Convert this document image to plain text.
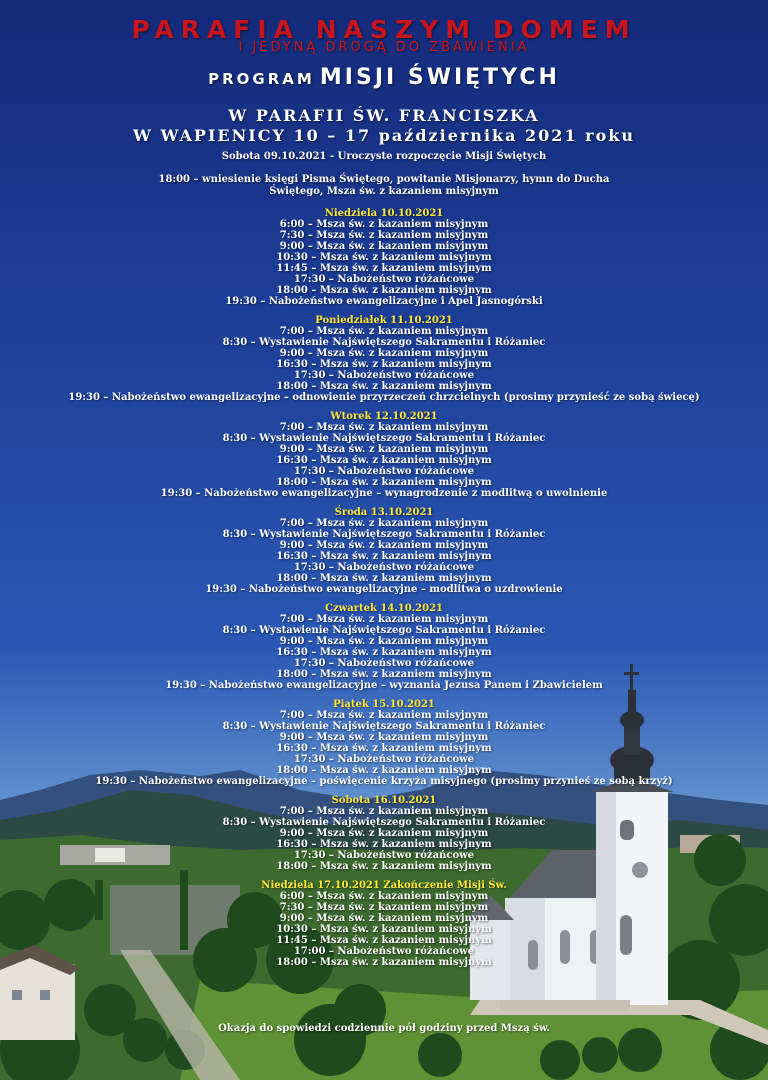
PARAFIA NASZYM DOMEM
I JEDYNĄ DROGĄ DO ZBAWIENIA
PROGRAM MISJI ŚWIĘTYCH
W PARAFII ŚW. FRANCISZKA
W WAPIENICY 10 – 17 października 2021 roku
Sobota 09.10.2021 - Uroczyste rozpoczęcie Misji Świętych
18:00 – wniesienie księgi Pisma Świętego, powitanie Misjonarzy, hymn do Ducha Świętego, Msza św. z kazaniem misyjnym
Niedziela 10.10.2021
6:00 – Msza św. z kazaniem misyjnym
7:30 – Msza św. z kazaniem misyjnym
9:00 – Msza św. z kazaniem misyjnym
10:30 – Msza św. z kazaniem misyjnym
11:45 – Msza św. z kazaniem misyjnym
17:30 – Nabożeństwo różańcowe
18:00 – Msza św. z kazaniem misyjnym
19:30 – Nabożeństwo ewangelizacyjne i Apel Jasnogórski
Poniedziałek 11.10.2021
7:00 – Msza św. z kazaniem misyjnym
8:30 – Wystawienie Najświętszego Sakramentu i Różaniec
9:00 – Msza św. z kazaniem misyjnym
16:30 – Msza św. z kazaniem misyjnym
17:30 – Nabożeństwo różańcowe
18:00 – Msza św. z kazaniem misyjnym
19:30 – Nabożeństwo ewangelizacyjne – odnowienie przyrzeczeń chrzcielnych (prosimy przynieść ze sobą świecę)
Wtorek 12.10.2021
7:00 – Msza św. z kazaniem misyjnym
8:30 – Wystawienie Najświętszego Sakramentu i Różaniec
9:00 – Msza św. z kazaniem misyjnym
16:30 – Msza św. z kazaniem misyjnym
17:30 – Nabożeństwo różańcowe
18:00 – Msza św. z kazaniem misyjnym
19:30 – Nabożeństwo ewangelizacyjne – wynagrodzenie z modlitwą o uwolnienie
Środa 13.10.2021
7:00 – Msza św. z kazaniem misyjnym
8:30 – Wystawienie Najświętszego Sakramentu i Różaniec
9:00 – Msza św. z kazaniem misyjnym
16:30 – Msza św. z kazaniem misyjnym
17:30 – Nabożeństwo różańcowe
18:00 – Msza św. z kazaniem misyjnym
19:30 – Nabożeństwo ewangelizacyjne – modlitwa o uzdrowienie
Czwartek 14.10.2021
7:00 – Msza św. z kazaniem misyjnym
8:30 – Wystawienie Najświętszego Sakramentu i Różaniec
9:00 – Msza św. z kazaniem misyjnym
16:30 – Msza św. z kazaniem misyjnym
17:30 – Nabożeństwo różańcowe
18:00 – Msza św. z kazaniem misyjnym
19:30 – Nabożeństwo ewangelizacyjne – wyznania Jezusa Panem i Zbawicielem
Piątek 15.10.2021
7:00 – Msza św. z kazaniem misyjnym
8:30 – Wystawienie Najświętszego Sakramentu i Różaniec
9:00 – Msza św. z kazaniem misyjnym
16:30 – Msza św. z kazaniem misyjnym
17:30 – Nabożeństwo różańcowe
18:00 – Msza św. z kazaniem misyjnym
19:30 – Nabożeństwo ewangelizacyjne – poświęcenie krzyża misyjnego (prosimy przynieś ze sobą krzyż)
Sobota 16.10.2021
7:00 – Msza św. z kazaniem misyjnym
8:30 – Wystawienie Najświętszego Sakramentu i Różaniec
9:00 – Msza św. z kazaniem misyjnym
16:30 – Msza św. z kazaniem misyjnym
17:30 – Nabożeństwo różańcowe
18:00 – Msza św. z kazaniem misyjnym
Niedziela 17.10.2021 Zakończenie Misji Św.
6:00 – Msza św. z kazaniem misyjnym
7:30 – Msza św. z kazaniem misyjnym
9:00 – Msza św. z kazaniem misyjnym
10:30 – Msza św. z kazaniem misyjnym
11:45 – Msza św. z kazaniem misyjnym
17:00 – Nabożeństwo różańcowe
18:00 – Msza św. z kazaniem misyjnym
Okazja do spowiedzi codziennie pół godziny przed Mszą św.
